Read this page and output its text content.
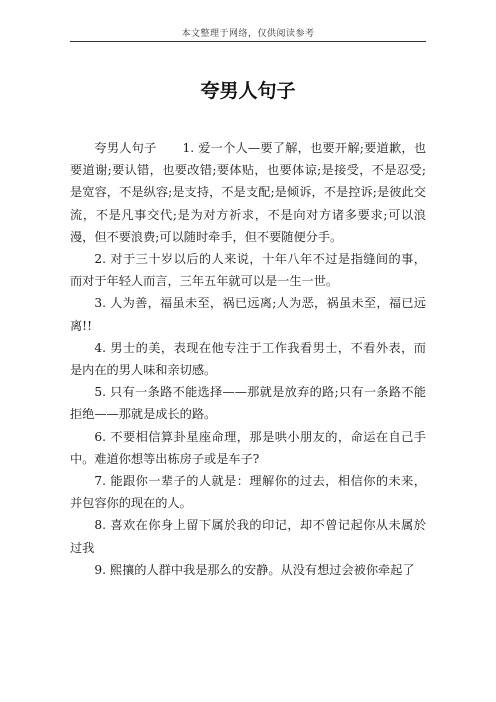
本文整理于网络，仅供阅读参考
夸男人句子

夸男人句子 1. 爱一个人—要了解，也要开解;要道歉，也要道谢;要认错，也要改错;要体贴，也要体谅;是接受，不是忍受;是宽容，不是纵容;是支持，不是支配;是倾诉，不是控诉;是彼此交流，不是凡事交代;是为对方祈求，不是向对方诸多要求;可以浪漫，但不要浪费;可以随时牵手，但不要随便分手。

2. 对于三十岁以后的人来说，十年八年不过是指缝间的事，而对于年轻人而言，三年五年就可以是一生一世。

3. 人为善，福虽未至，祸已远离;人为恶，祸虽未至，福已远离!!

4. 男士的美，表现在他专注于工作我看男士，不看外表，而是内在的男人味和亲切感。

5. 只有一条路不能选择——那就是放弃的路;只有一条路不能拒绝——那就是成长的路。

6. 不要相信算卦星座命理，那是哄小朋友的，命运在自己手中。难道你想等出栋房子或是车子?

7. 能跟你一辈子的人就是：理解你的过去，相信你的未来，并包容你的现在的人。

8. 喜欢在你身上留下属於我的印记，却不曾记起你从未属於过我

9. 熙攘的人群中我是那么的安静。从没有想过会被你牵起了
